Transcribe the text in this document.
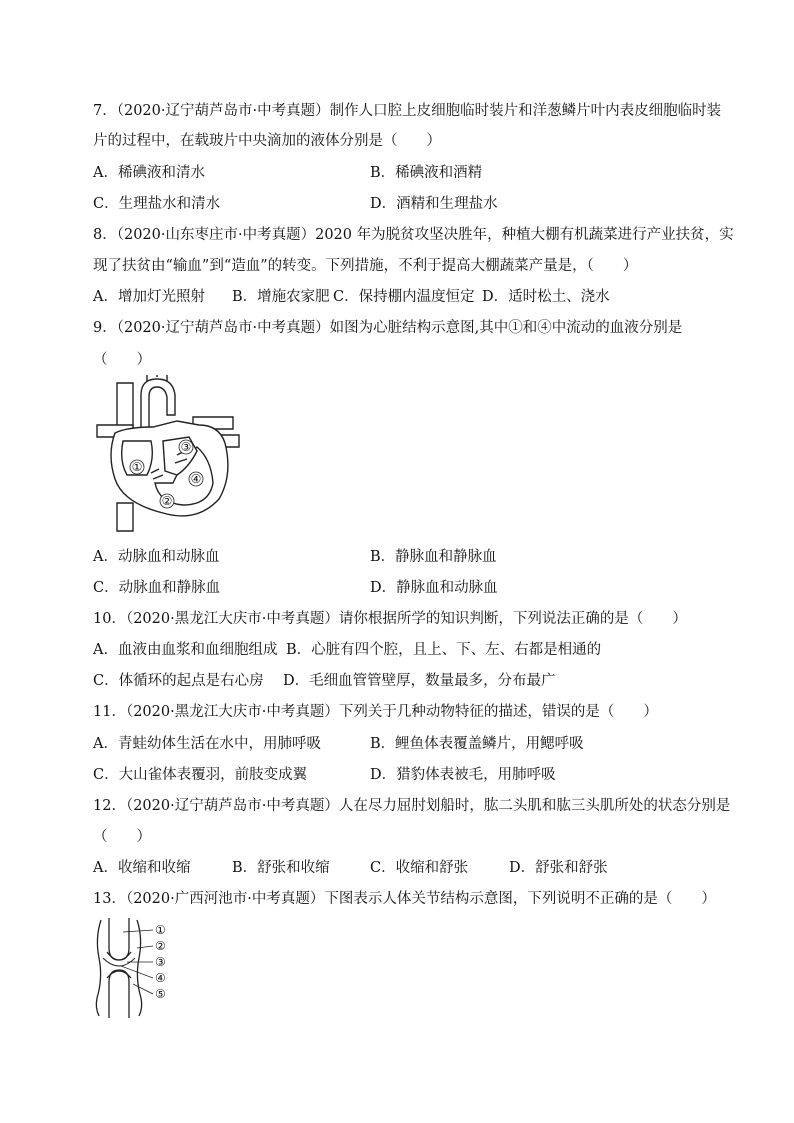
7．（2020·辽宁葫芦岛市·中考真题）制作人口腔上皮细胞临时装片和洋葱鳞片叶内表皮细胞临时装
片的过程中，在载玻片中央滴加的液体分别是（　　）
A．稀碘液和清水	B．稀碘液和酒精
C．生理盐水和清水	D．酒精和生理盐水
8．（2020·山东枣庄市·中考真题）2020 年为脱贫攻坚决胜年，种植大棚有机蔬菜进行产业扶贫，实
现了扶贫由“输血”到“造血”的转变。下列措施，不利于提高大棚蔬菜产量是，（　　）
A．增加灯光照射 B．增施农家肥 C．保持棚内温度恒定 D．适时松土、浇水
9．（2020·辽宁葫芦岛市·中考真题）如图为心脏结构示意图,其中①和④中流动的血液分别是
（　　）
①
②
③
④
A．动脉血和动脉血	B．静脉血和静脉血
C．动脉血和静脉血	D．静脉血和动脉血
10．（2020·黑龙江大庆市·中考真题）请你根据所学的知识判断，下列说法正确的是（　　）
A．血液由血浆和血细胞组成 B．心脏有四个腔，且上、下、左、右都是相通的
C．体循环的起点是右心房 D．毛细血管管壁厚，数量最多，分布最广
11．（2020·黑龙江大庆市·中考真题）下列关于几种动物特征的描述，错误的是（　　）
A．青蛙幼体生活在水中，用肺呼吸	B．鲤鱼体表覆盖鳞片，用鳃呼吸
C．大山雀体表覆羽，前肢变成翼	D．猎豹体表被毛，用肺呼吸
12．（2020·辽宁葫芦岛市·中考真题）人在尽力屈肘划船时，肱二头肌和肱三头肌所处的状态分别是
（　　）
A．收缩和收缩	B．舒张和收缩	C．收缩和舒张	D．舒张和舒张
13．（2020·广西河池市·中考真题）下图表示人体关节结构示意图，下列说明不正确的是（　　）
①
②
③
④
⑤
